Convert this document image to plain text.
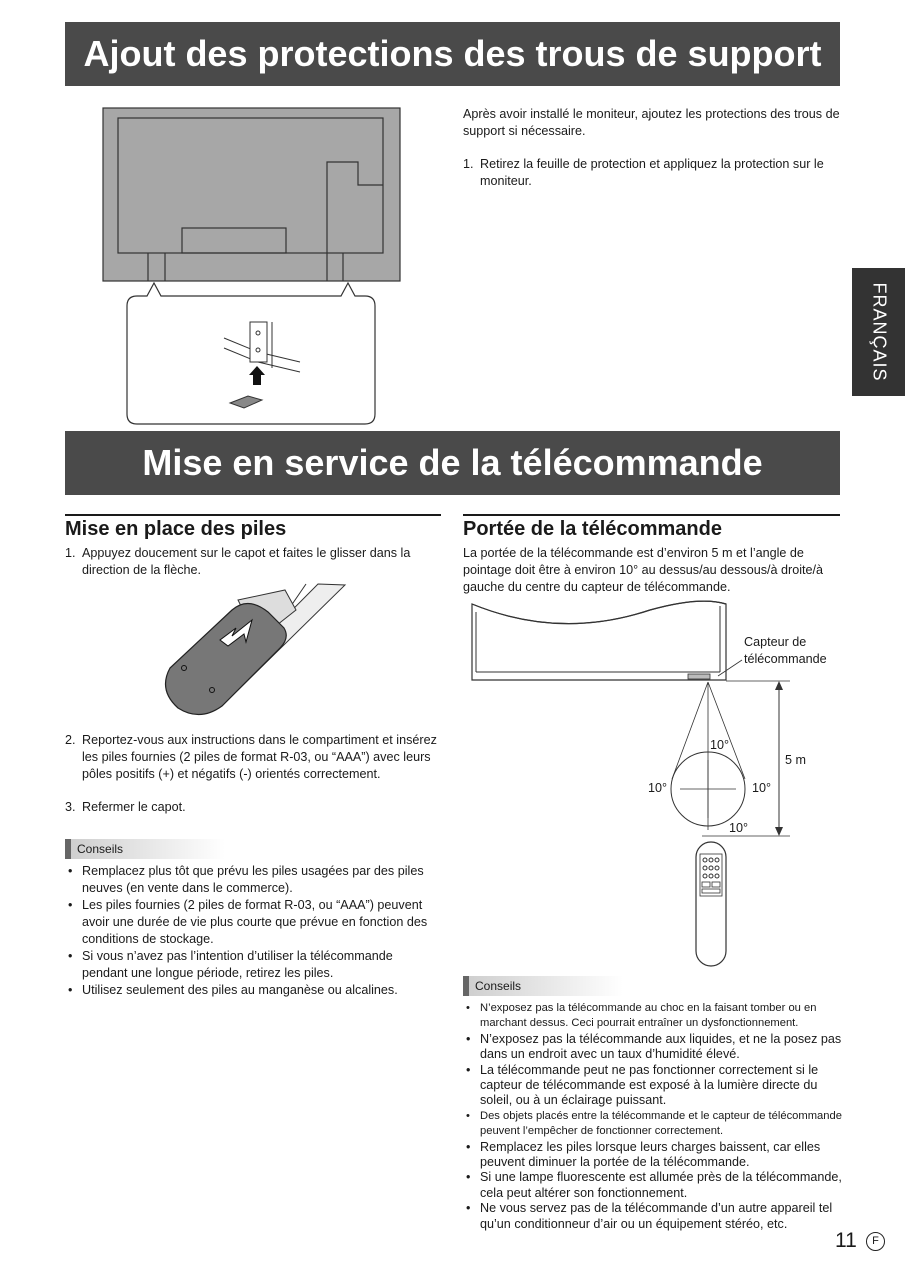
Ajout des protections des trous de support
Après avoir installé le moniteur, ajoutez les protections des trous de support si nécessaire.
1. Retirez la feuille de protection et appliquez la protection sur le moniteur.
FRANÇAIS
Mise en service de la télécommande
Mise en place des piles
1. Appuyez doucement sur le capot et faites le glisser dans la direction de la flèche.
2. Reportez-vous aux instructions dans le compartiment et insérez les piles fournies (2 piles de format R-03, ou “AAA”) avec leurs pôles positifs (+) et négatifs (-) orientés correctement.
3. Refermer le capot.
Conseils
• Remplacez plus tôt que prévu les piles usagées par des piles neuves (en vente dans le commerce).
• Les piles fournies (2 piles de format R-03, ou “AAA”) peuvent avoir une durée de vie plus courte que prévue en fonction des conditions de stockage.
• Si vous n’avez pas l’intention d’utiliser la télécommande pendant une longue période, retirez les piles.
• Utilisez seulement des piles au manganèse ou alcalines.
Portée de la télécommande
La portée de la télécommande est d’environ 5 m et l’angle de pointage doit être à environ 10° au dessus/au dessous/à droite/à gauche du centre du capteur de télécommande.
Capteur de
télécommande
10°
10°	10°
10°
5 m
Conseils
• N’exposez pas la télécommande au choc en la faisant tomber ou en marchant dessus. Ceci pourrait entraîner un dysfonctionnement.
• N’exposez pas la télécommande aux liquides, et ne la posez pas dans un endroit avec un taux d’humidité élevé.
• La télécommande peut ne pas fonctionner correctement si le capteur de télécommande est exposé à la lumière directe du soleil, ou à un éclairage puissant.
• Des objets placés entre la télécommande et le capteur de télécommande peuvent l’empêcher de fonctionner correctement.
• Remplacez les piles lorsque leurs charges baissent, car elles peuvent diminuer la portée de la télécommande.
• Si une lampe fluorescente est allumée près de la télécommande, cela peut altérer son fonctionnement.
• Ne vous servez pas de la télécommande d’un autre appareil tel qu’un conditionneur d’air ou un équipement stéréo, etc.
11	F
